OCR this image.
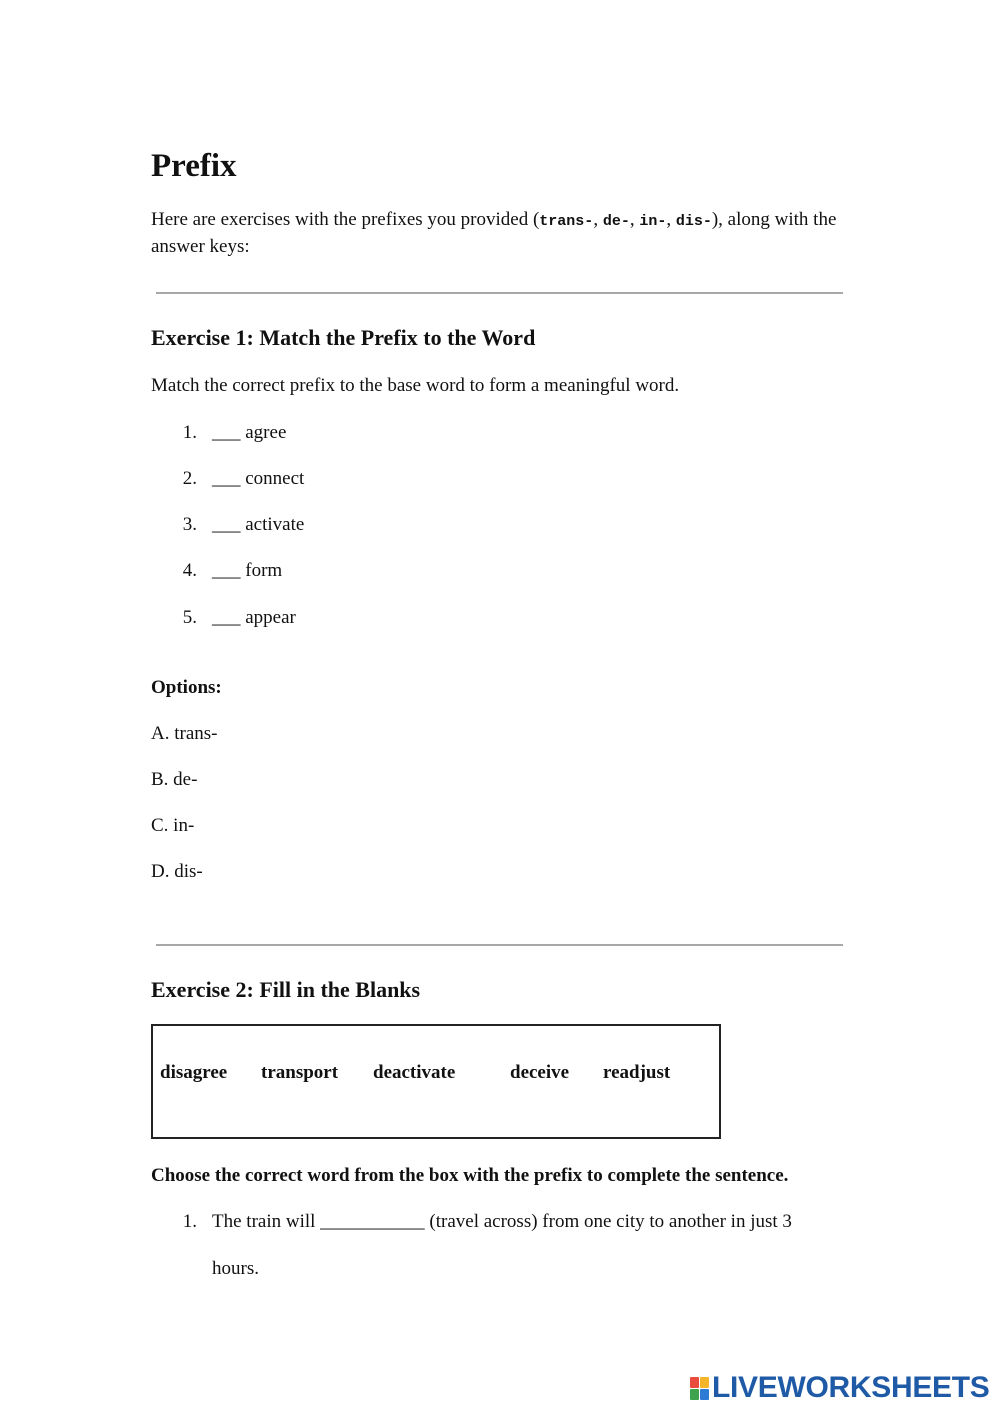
Prefix
Here are exercises with the prefixes you provided (trans-, de-, in-, dis-), along with the answer keys:
Exercise 1: Match the Prefix to the Word
Match the correct prefix to the base word to form a meaningful word.
1. ___ agree
2. ___ connect
3. ___ activate
4. ___ form
5. ___ appear
Options:
A. trans-
B. de-
C. in-
D. dis-
Exercise 2: Fill in the Blanks
disagree transport deactivate	deceive readjust
Choose the correct word from the box with the prefix to complete the sentence.
1. The train will ___________ (travel across) from one city to another in just 3
hours.
LIVEWORKSHEETS
